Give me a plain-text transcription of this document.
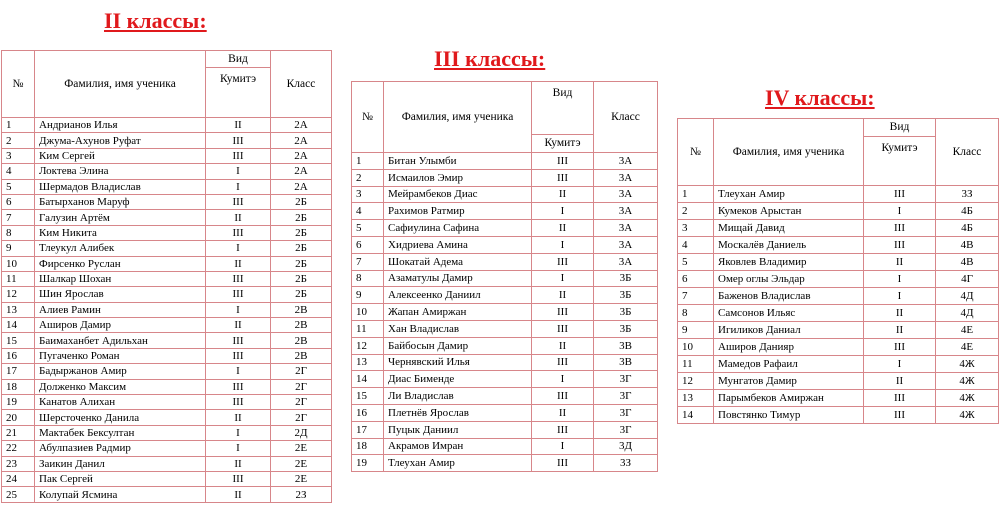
II классы:
III классы:
IV классы:
№	Фамилия, имя ученика	Вид	Класс
		Кумитэ	
1	Андрианов Илья	II	2А
2	Джума-Ахунов Руфат	III	2А
3	Ким Сергей	III	2А
4	Локтева Элина	I	2А
5	Шермадов Владислав	I	2А
6	Батырханов Маруф	III	2Б
7	Галузин Артём	II	2Б
8	Ким Никита	III	2Б
9	Тлеукул Алибек	I	2Б
10	Фирсенко Руслан	II	2Б
11	Шалкар Шохан	III	2Б
12	Шин Ярослав	III	2Б
13	Алиев Рамин	I	2В
14	Аширов Дамир	II	2В
15	Баимаханбет Адильхан	III	2В
16	Пугаченко Роман	III	2В
17	Бадыржанов Амир	I	2Г
18	Долженко Максим	III	2Г
19	Канатов Алихан	III	2Г
20	Шерсточенко Данила	II	2Г
21	Мактабек Бексултан	I	2Д
22	Абулпазиев Радмир	I	2Е
23	Заикин Данил	II	2Е
24	Пак Сергей	III	2Е
25	Колупай Ясмина	II	2З
№	Фамилия, имя ученика	Вид	Класс
		Кумитэ	
1	Битан Улымби	III	3А
2	Исмаилов Эмир	III	3А
3	Мейрамбеков Диас	II	3А
4	Рахимов Ратмир	I	3А
5	Сафиулина Сафина	II	3А
6	Хидриева Амина	I	3А
7	Шокатай Адема	III	3А
8	Азаматулы Дамир	I	3Б
9	Алексеенко Даниил	II	3Б
10	Жапан Амиржан	III	3Б
11	Хан Владислав	III	3Б
12	Байбосын Дамир	II	3В
13	Чернявский Илья	III	3В
14	Диас Бименде	I	3Г
15	Ли Владислав	III	3Г
16	Плетнёв Ярослав	II	3Г
17	Пуцык Даниил	III	3Г
18	Акрамов Имран	I	3Д
19	Тлеухан Амир	III	3З
№	Фамилия, имя ученика	Вид	Класс
		Кумитэ	
1	Тлеухан Амир	III	3З
2	Кумеков Арыстан	I	4Б
3	Мищай Давид	III	4Б
4	Москалёв Даниель	III	4В
5	Яковлев Владимир	II	4В
6	Омер оглы Эльдар	I	4Г
7	Баженов Владислав	I	4Д
8	Самсонов Ильяс	II	4Д
9	Игиликов Даниал	II	4Е
10	Аширов Данияр	III	4Е
11	Мамедов Рафаил	I	4Ж
12	Мунгатов Дамир	II	4Ж
13	Парымбеков Амиржан	III	4Ж
14	Повстянко Тимур	III	4Ж
